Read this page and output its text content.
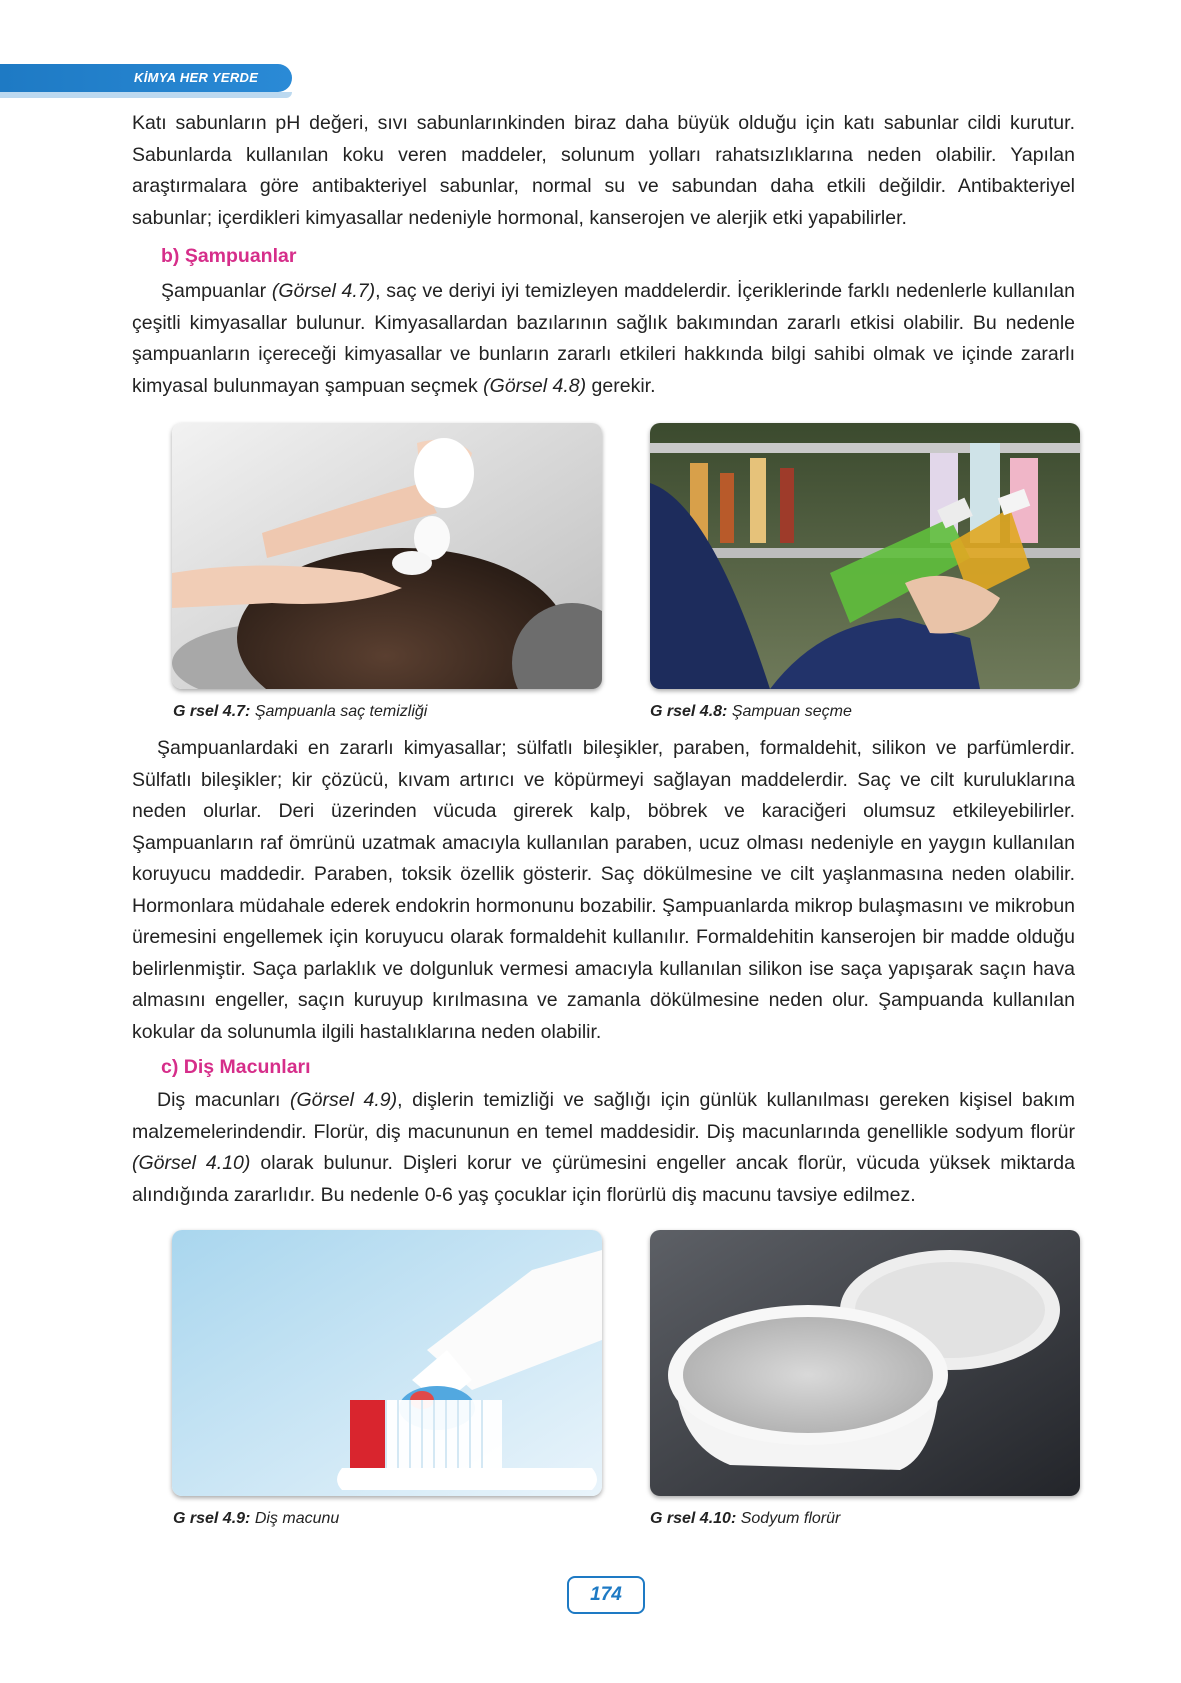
KİMYA HER YERDE

Katı sabunların pH değeri, sıvı sabunlarınkinden biraz daha büyük olduğu için katı sabunlar cildi kurutur. Sabunlarda kullanılan koku veren maddeler, solunum yolları rahatsızlıklarına neden olabilir. Yapılan araştırmalara göre antibakteriyel sabunlar, normal su ve sabundan daha etkili değildir. Antibakteriyel sabunlar; içerdikleri kimyasallar nedeniyle hormonal, kanserojen ve alerjik etki yapabilirler.

b) Şampuanlar

Şampuanlar (Görsel 4.7), saç ve deriyi iyi temizleyen maddelerdir. İçeriklerinde farklı nedenlerle kullanılan çeşitli kimyasallar bulunur. Kimyasallardan bazılarının sağlık bakımından zararlı etkisi olabilir. Bu nedenle şampuanların içereceği kimyasallar ve bunların zararlı etkileri hakkında bilgi sahibi olmak ve içinde zararlı kimyasal bulunmayan şampuan seçmek (Görsel 4.8) gerekir.

G rsel 4.7: Şampuanla saç temizliği	G rsel 4.8: Şampuan seçme

Şampuanlardaki en zararlı kimyasallar; sülfatlı bileşikler, paraben, formaldehit, silikon ve parfümlerdir. Sülfatlı bileşikler; kir çözücü, kıvam artırıcı ve köpürmeyi sağlayan maddelerdir. Saç ve cilt kuruluklarına neden olurlar. Deri üzerinden vücuda girerek kalp, böbrek ve karaciğeri olumsuz etkileyebilirler. Şampuanların raf ömrünü uzatmak amacıyla kullanılan paraben, ucuz olması nedeniyle en yaygın kullanılan koruyucu maddedir. Paraben, toksik özellik gösterir. Saç dökülmesine ve cilt yaşlanmasına neden olabilir. Hormonlara müdahale ederek endokrin hormonunu bozabilir. Şampuanlarda mikrop bulaşmasını ve mikrobun üremesini engellemek için koruyucu olarak formaldehit kullanılır. Formaldehitin kanserojen bir madde olduğu belirlenmiştir. Saça parlaklık ve dolgunluk vermesi amacıyla kullanılan silikon ise saça yapışarak saçın hava almasını engeller, saçın kuruyup kırılmasına ve zamanla dökülmesine neden olur. Şampuanda kullanılan kokular da solunumla ilgili hastalıklarına neden olabilir.

c) Diş Macunları

Diş macunları (Görsel 4.9), dişlerin temizliği ve sağlığı için günlük kullanılması gereken kişisel bakım malzemelerindendir. Florür, diş macununun en temel maddesidir. Diş macunlarında genellikle sodyum florür (Görsel 4.10) olarak bulunur. Dişleri korur ve çürümesini engeller ancak florür, vücuda yüksek miktarda alındığında zararlıdır. Bu nedenle 0-6 yaş çocuklar için florürlü diş macunu tavsiye edilmez.

G rsel 4.9: Diş macunu	G rsel 4.10: Sodyum florür
174
